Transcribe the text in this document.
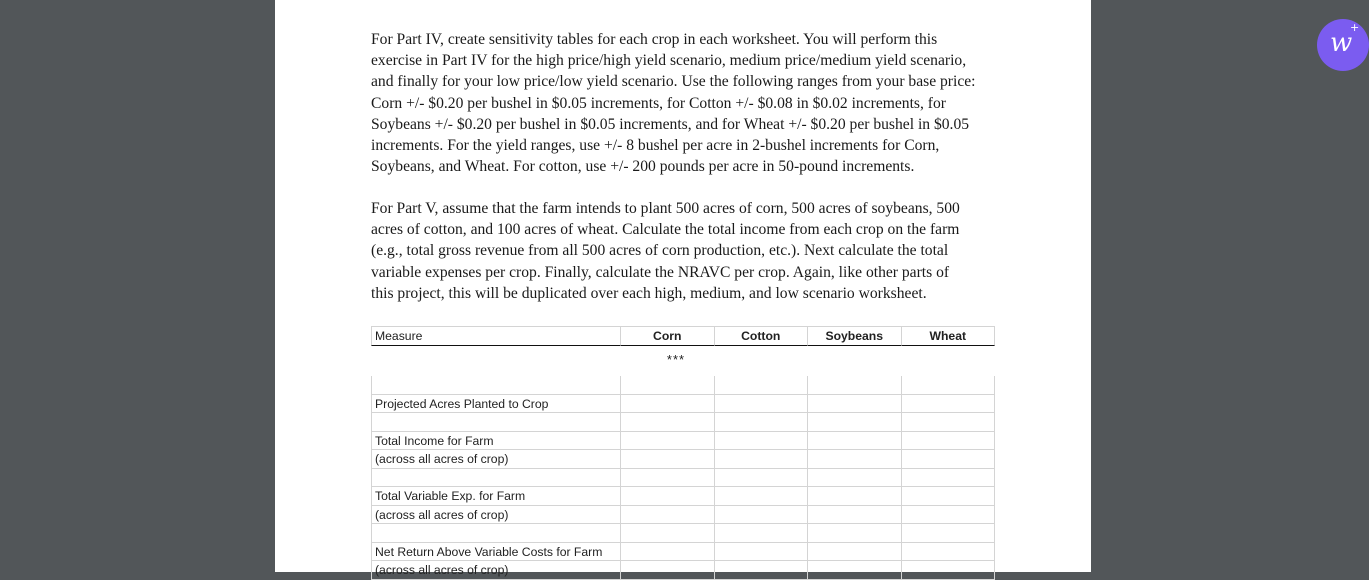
For Part IV, create sensitivity tables for each crop in each worksheet. You will perform this
exercise in Part IV for the high price/high yield scenario, medium price/medium yield scenario,
and finally for your low price/low yield scenario. Use the following ranges from your base price:
Corn +/- $0.20 per bushel in $0.05 increments, for Cotton +/- $0.08 in $0.02 increments, for
Soybeans +/- $0.20 per bushel in $0.05 increments, and for Wheat +/- $0.20 per bushel in $0.05
increments. For the yield ranges, use +/- 8 bushel per acre in 2-bushel increments for Corn,
Soybeans, and Wheat. For cotton, use +/- 200 pounds per acre in 50-pound increments.
For Part V, assume that the farm intends to plant 500 acres of corn, 500 acres of soybeans, 500
acres of cotton, and 100 acres of wheat. Calculate the total income from each crop on the farm
(e.g., total gross revenue from all 500 acres of corn production, etc.). Next calculate the total
variable expenses per crop. Finally, calculate the NRAVC per crop. Again, like other parts of
this project, this will be duplicated over each high, medium, and low scenario worksheet.
Measure	Corn	Cotton	Soybeans	Wheat
***
Projected Acres Planted to Crop
Total Income for Farm
(across all acres of crop)
Total Variable Exp. for Farm
(across all acres of crop)
Net Return Above Variable Costs for Farm
(across all acres of crop)
w
+
